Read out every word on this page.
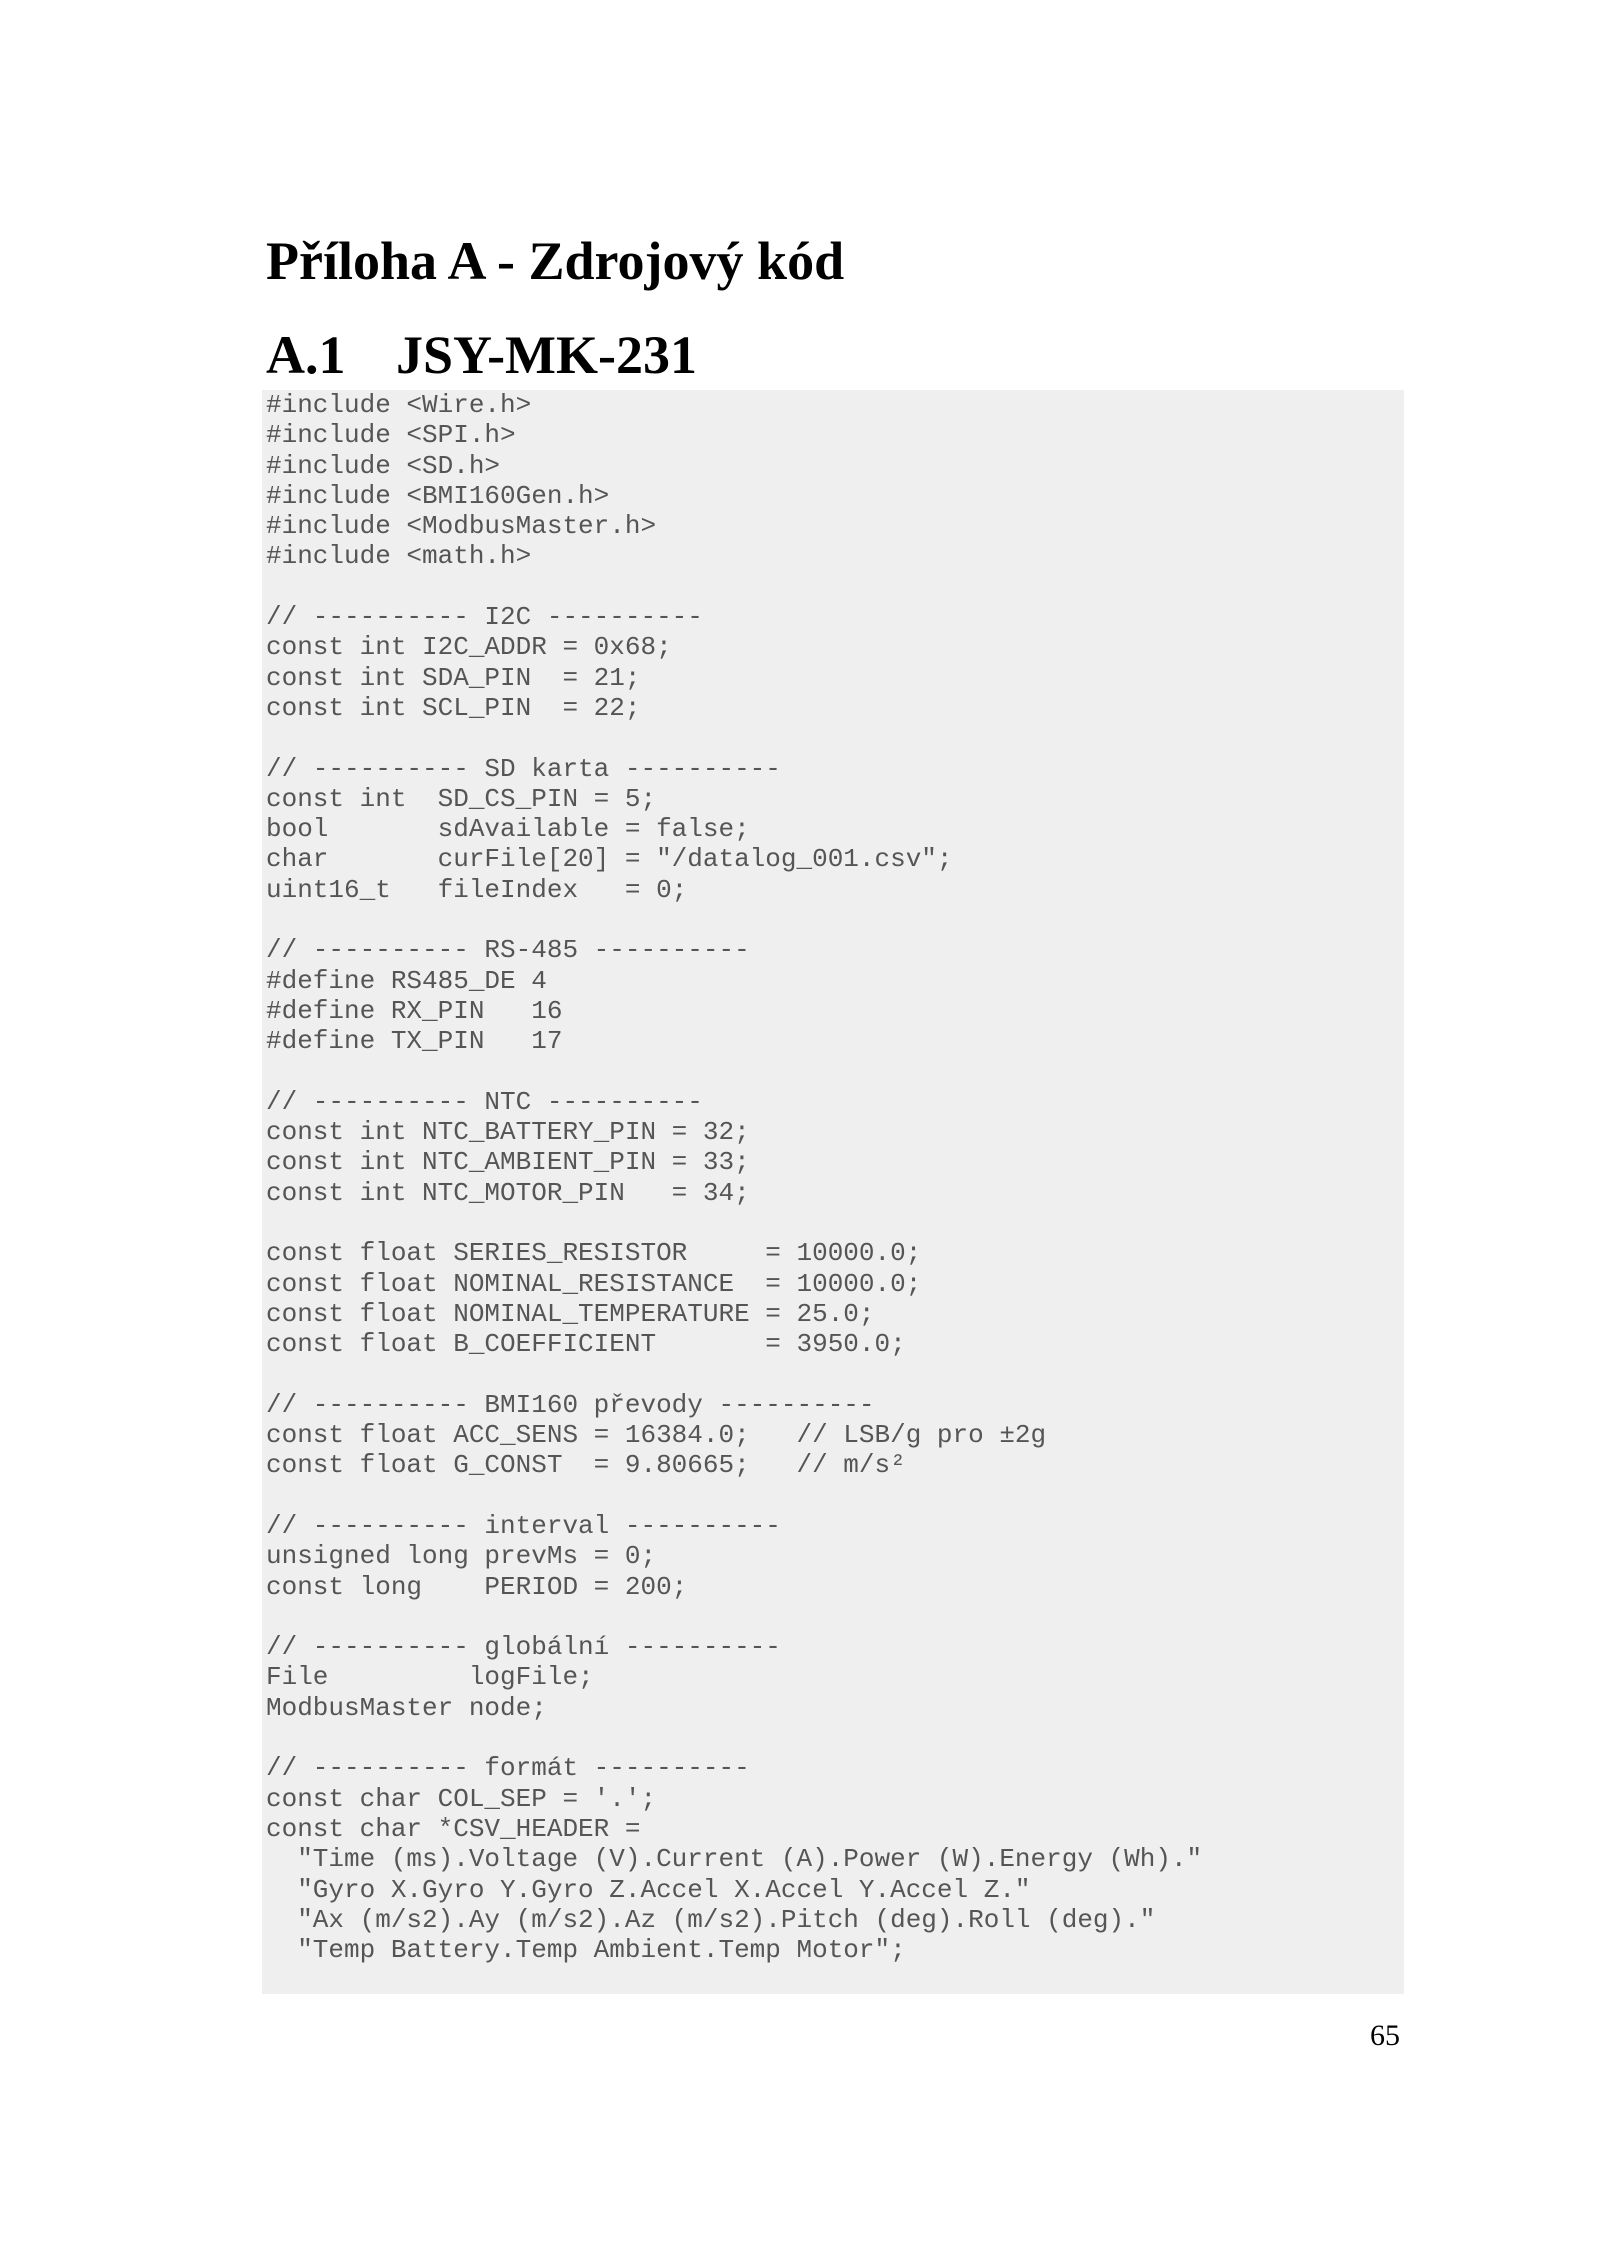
Příloha A - Zdrojový kód
A.1 JSY-MK-231
#include <Wire.h>
#include <SPI.h>
#include <SD.h>
#include <BMI160Gen.h>
#include <ModbusMaster.h>
#include <math.h>

// ---------- I2C ----------
const int I2C_ADDR = 0x68;
const int SDA_PIN  = 21;
const int SCL_PIN  = 22;

// ---------- SD karta ----------
const int  SD_CS_PIN = 5;
bool       sdAvailable = false;
char       curFile[20] = "/datalog_001.csv";
uint16_t   fileIndex   = 0;

// ---------- RS-485 ----------
#define RS485_DE 4
#define RX_PIN   16
#define TX_PIN   17

// ---------- NTC ----------
const int NTC_BATTERY_PIN = 32;
const int NTC_AMBIENT_PIN = 33;
const int NTC_MOTOR_PIN   = 34;

const float SERIES_RESISTOR     = 10000.0;
const float NOMINAL_RESISTANCE  = 10000.0;
const float NOMINAL_TEMPERATURE = 25.0;
const float B_COEFFICIENT       = 3950.0;

// ---------- BMI160 převody ----------
const float ACC_SENS = 16384.0;   // LSB/g pro ±2g
const float G_CONST  = 9.80665;   // m/s²

// ---------- interval ----------
unsigned long prevMs = 0;
const long    PERIOD = 200;

// ---------- globální ----------
File         logFile;
ModbusMaster node;

// ---------- formát ----------
const char COL_SEP = '.';
const char *CSV_HEADER =
"Time (ms).Voltage (V).Current (A).Power (W).Energy (Wh)."
"Gyro X.Gyro Y.Gyro Z.Accel X.Accel Y.Accel Z."
"Ax (m/s2).Ay (m/s2).Az (m/s2).Pitch (deg).Roll (deg)."
"Temp Battery.Temp Ambient.Temp Motor";
65
